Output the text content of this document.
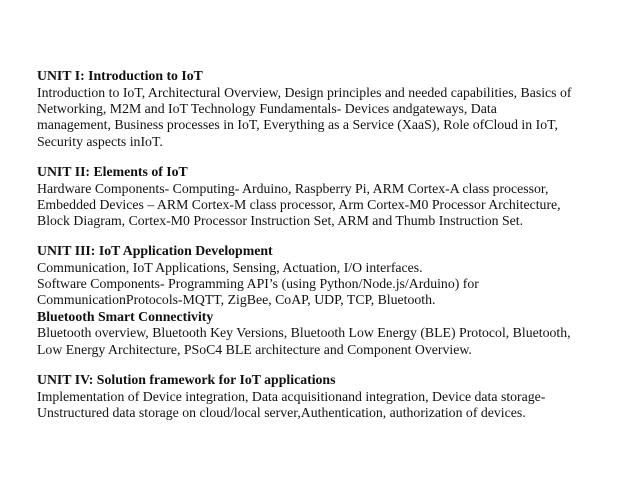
UNIT I: Introduction to IoT
Introduction to IoT, Architectural Overview, Design principles and needed capabilities, Basics of
Networking, M2M and IoT Technology Fundamentals- Devices andgateways, Data
management, Business processes in IoT, Everything as a Service (XaaS), Role ofCloud in IoT,
Security aspects inIoT.
UNIT II: Elements of IoT
Hardware Components- Computing- Arduino, Raspberry Pi, ARM Cortex-A class processor,
Embedded Devices – ARM Cortex-M class processor, Arm Cortex-M0 Processor Architecture,
Block Diagram, Cortex-M0 Processor Instruction Set, ARM and Thumb Instruction Set.
UNIT III: IoT Application Development
Communication, IoT Applications, Sensing, Actuation, I/O interfaces.
Software Components- Programming API’s (using Python/Node.js/Arduino) for
CommunicationProtocols-MQTT, ZigBee, CoAP, UDP, TCP, Bluetooth.
Bluetooth Smart Connectivity
Bluetooth overview, Bluetooth Key Versions, Bluetooth Low Energy (BLE) Protocol, Bluetooth,
Low Energy Architecture, PSoC4 BLE architecture and Component Overview.
UNIT IV: Solution framework for IoT applications
Implementation of Device integration, Data acquisitionand integration, Device data storage-
Unstructured data storage on cloud/local server,Authentication, authorization of devices.
